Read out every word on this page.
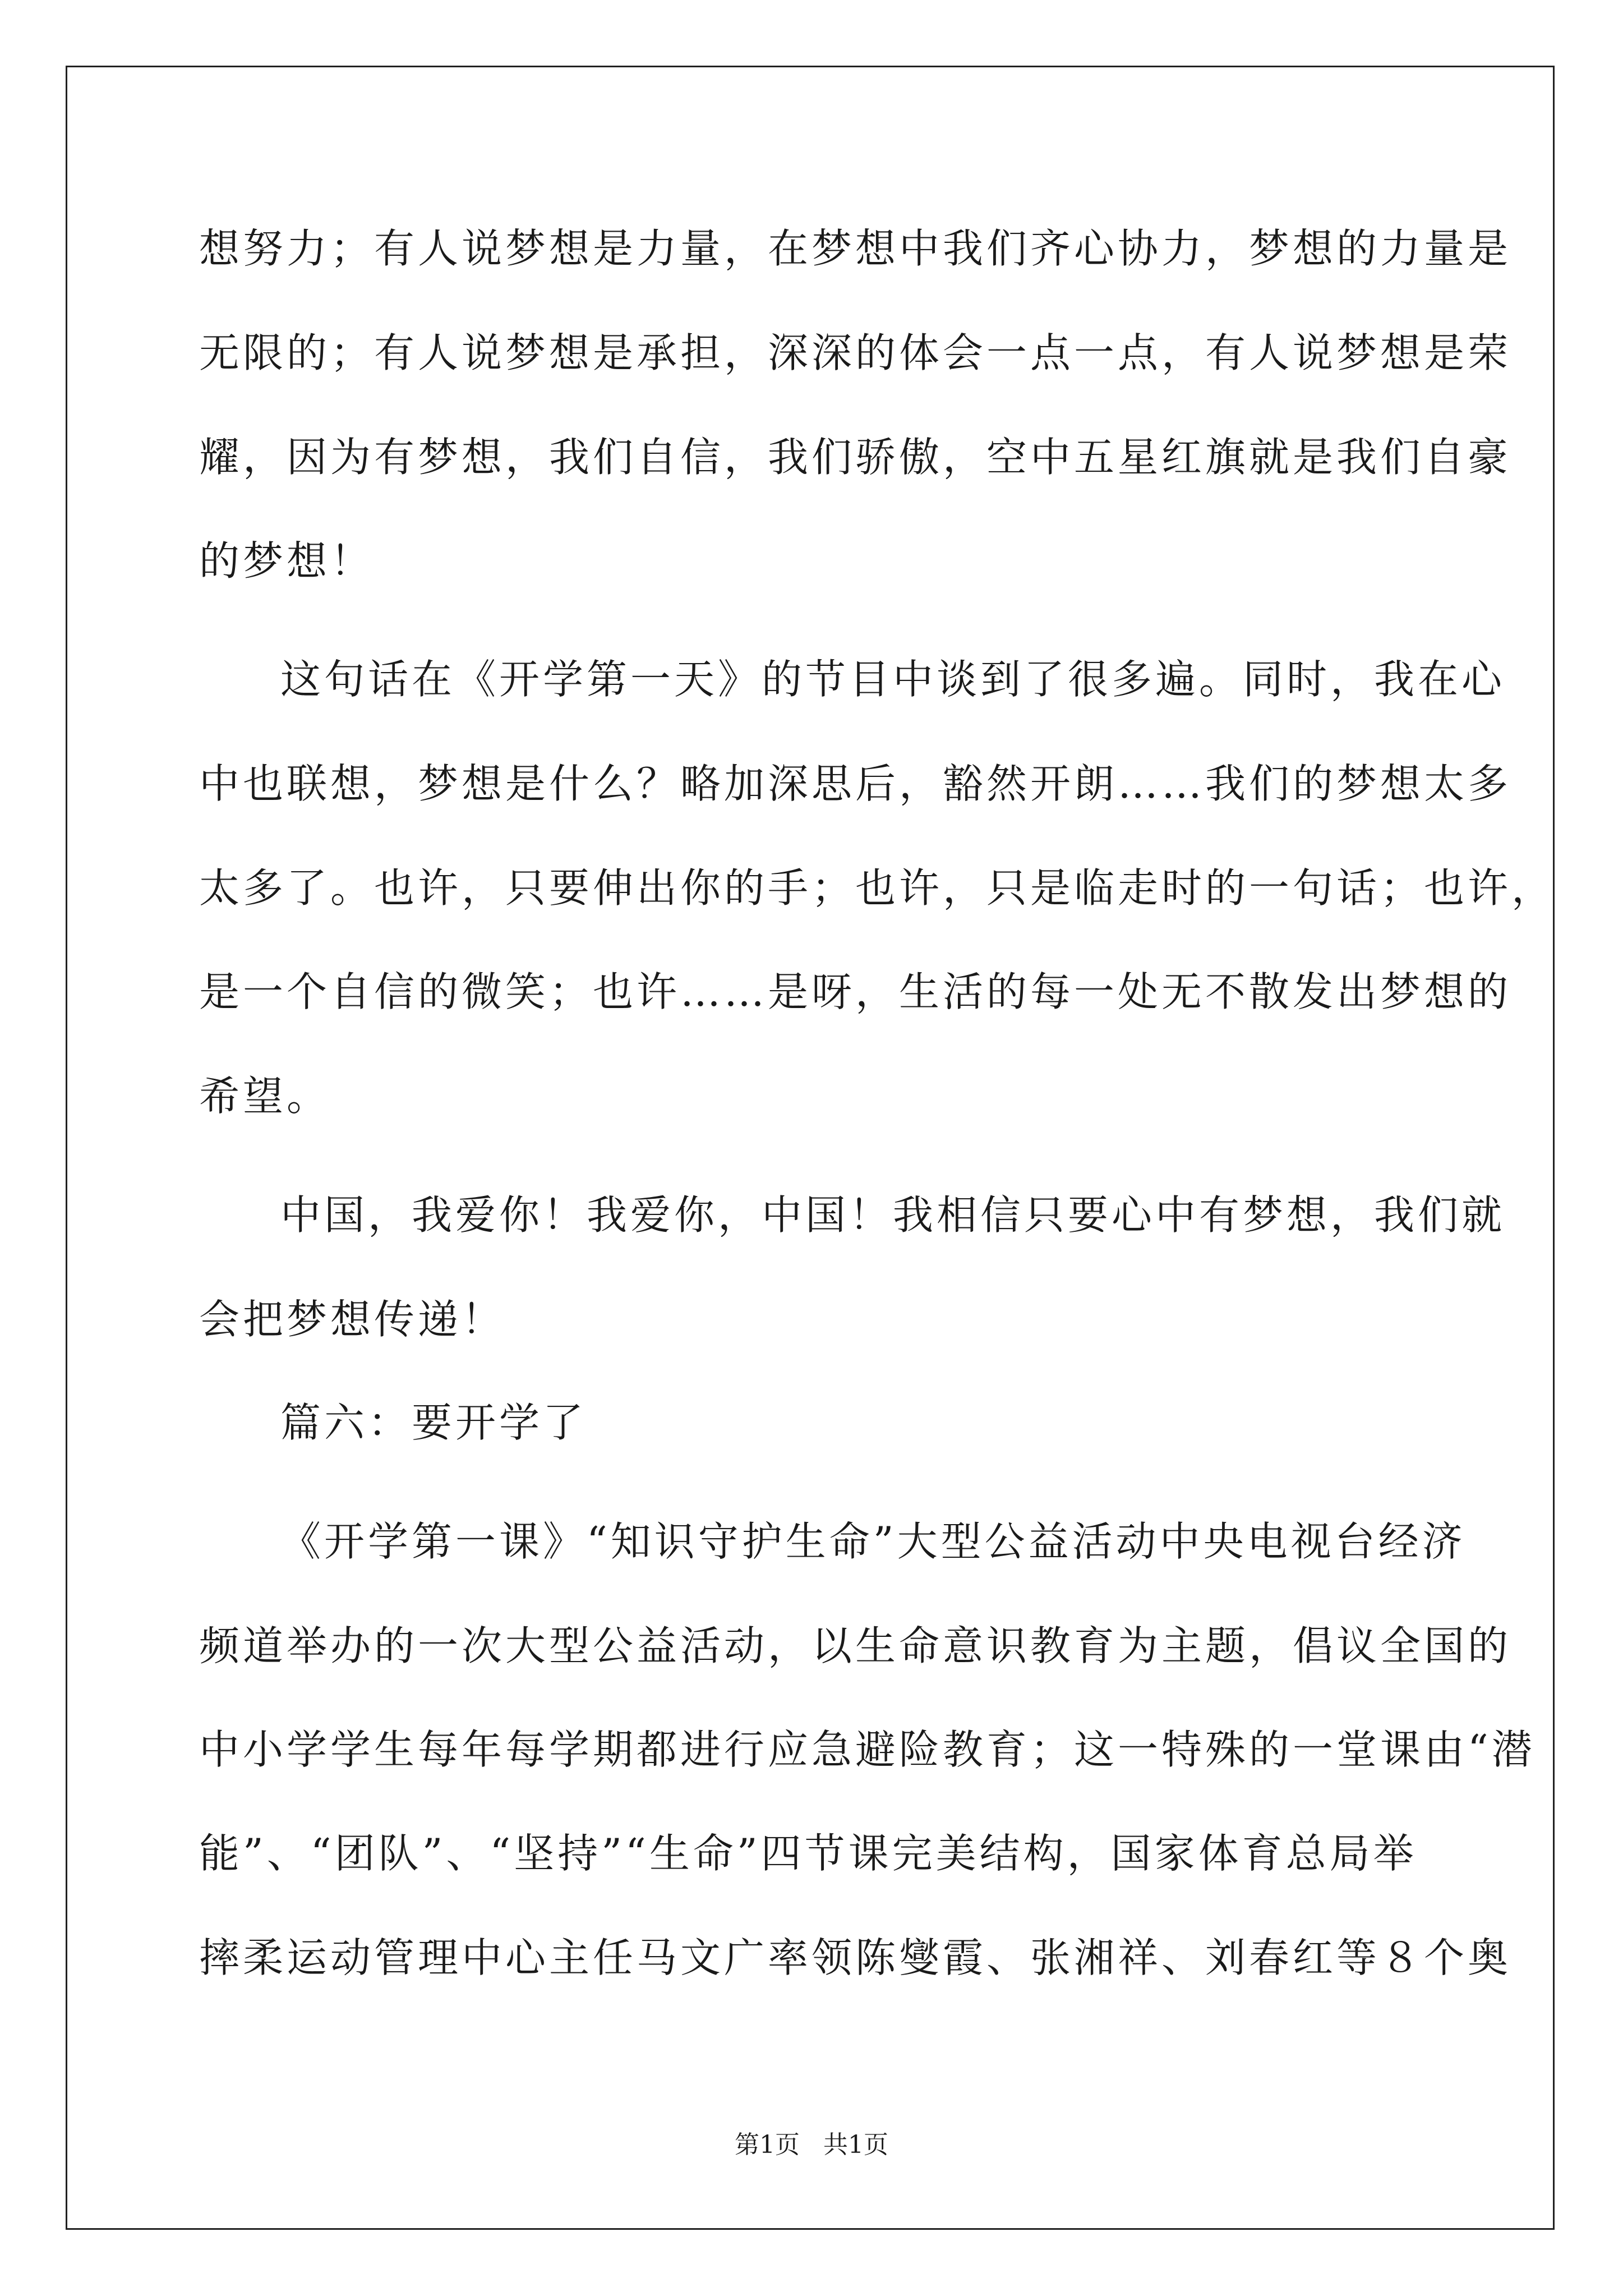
想努力；有人说梦想是力量，在梦想中我们齐心协力，梦想的力量是
无限的；有人说梦想是承担，深深的体会一点一点，有人说梦想是荣
耀，因为有梦想，我们自信，我们骄傲，空中五星红旗就是我们自豪
的梦想！
这句话在《开学第一天》的节目中谈到了很多遍。同时，我在心
中也联想，梦想是什么？略加深思后，豁然开朗……我们的梦想太多
太多了。也许，只要伸出你的手；也许，只是临走时的一句话；也许，
是一个自信的微笑；也许……是呀，生活的每一处无不散发出梦想的
希望。
中国，我爱你！我爱你，中国！我相信只要心中有梦想，我们就
会把梦想传递！
篇六：要开学了
《开学第一课》“知识守护生命”大型公益活动中央电视台经济
频道举办的一次大型公益活动，以生命意识教育为主题，倡议全国的
中小学学生每年每学期都进行应急避险教育；这一特殊的一堂课由“潜
能”、“团队”、“坚持”“生命”四节课完美结构，国家体育总局举
摔柔运动管理中心主任马文广率领陈燮霞、张湘祥、刘春红等８个奥
第1页 共1页
